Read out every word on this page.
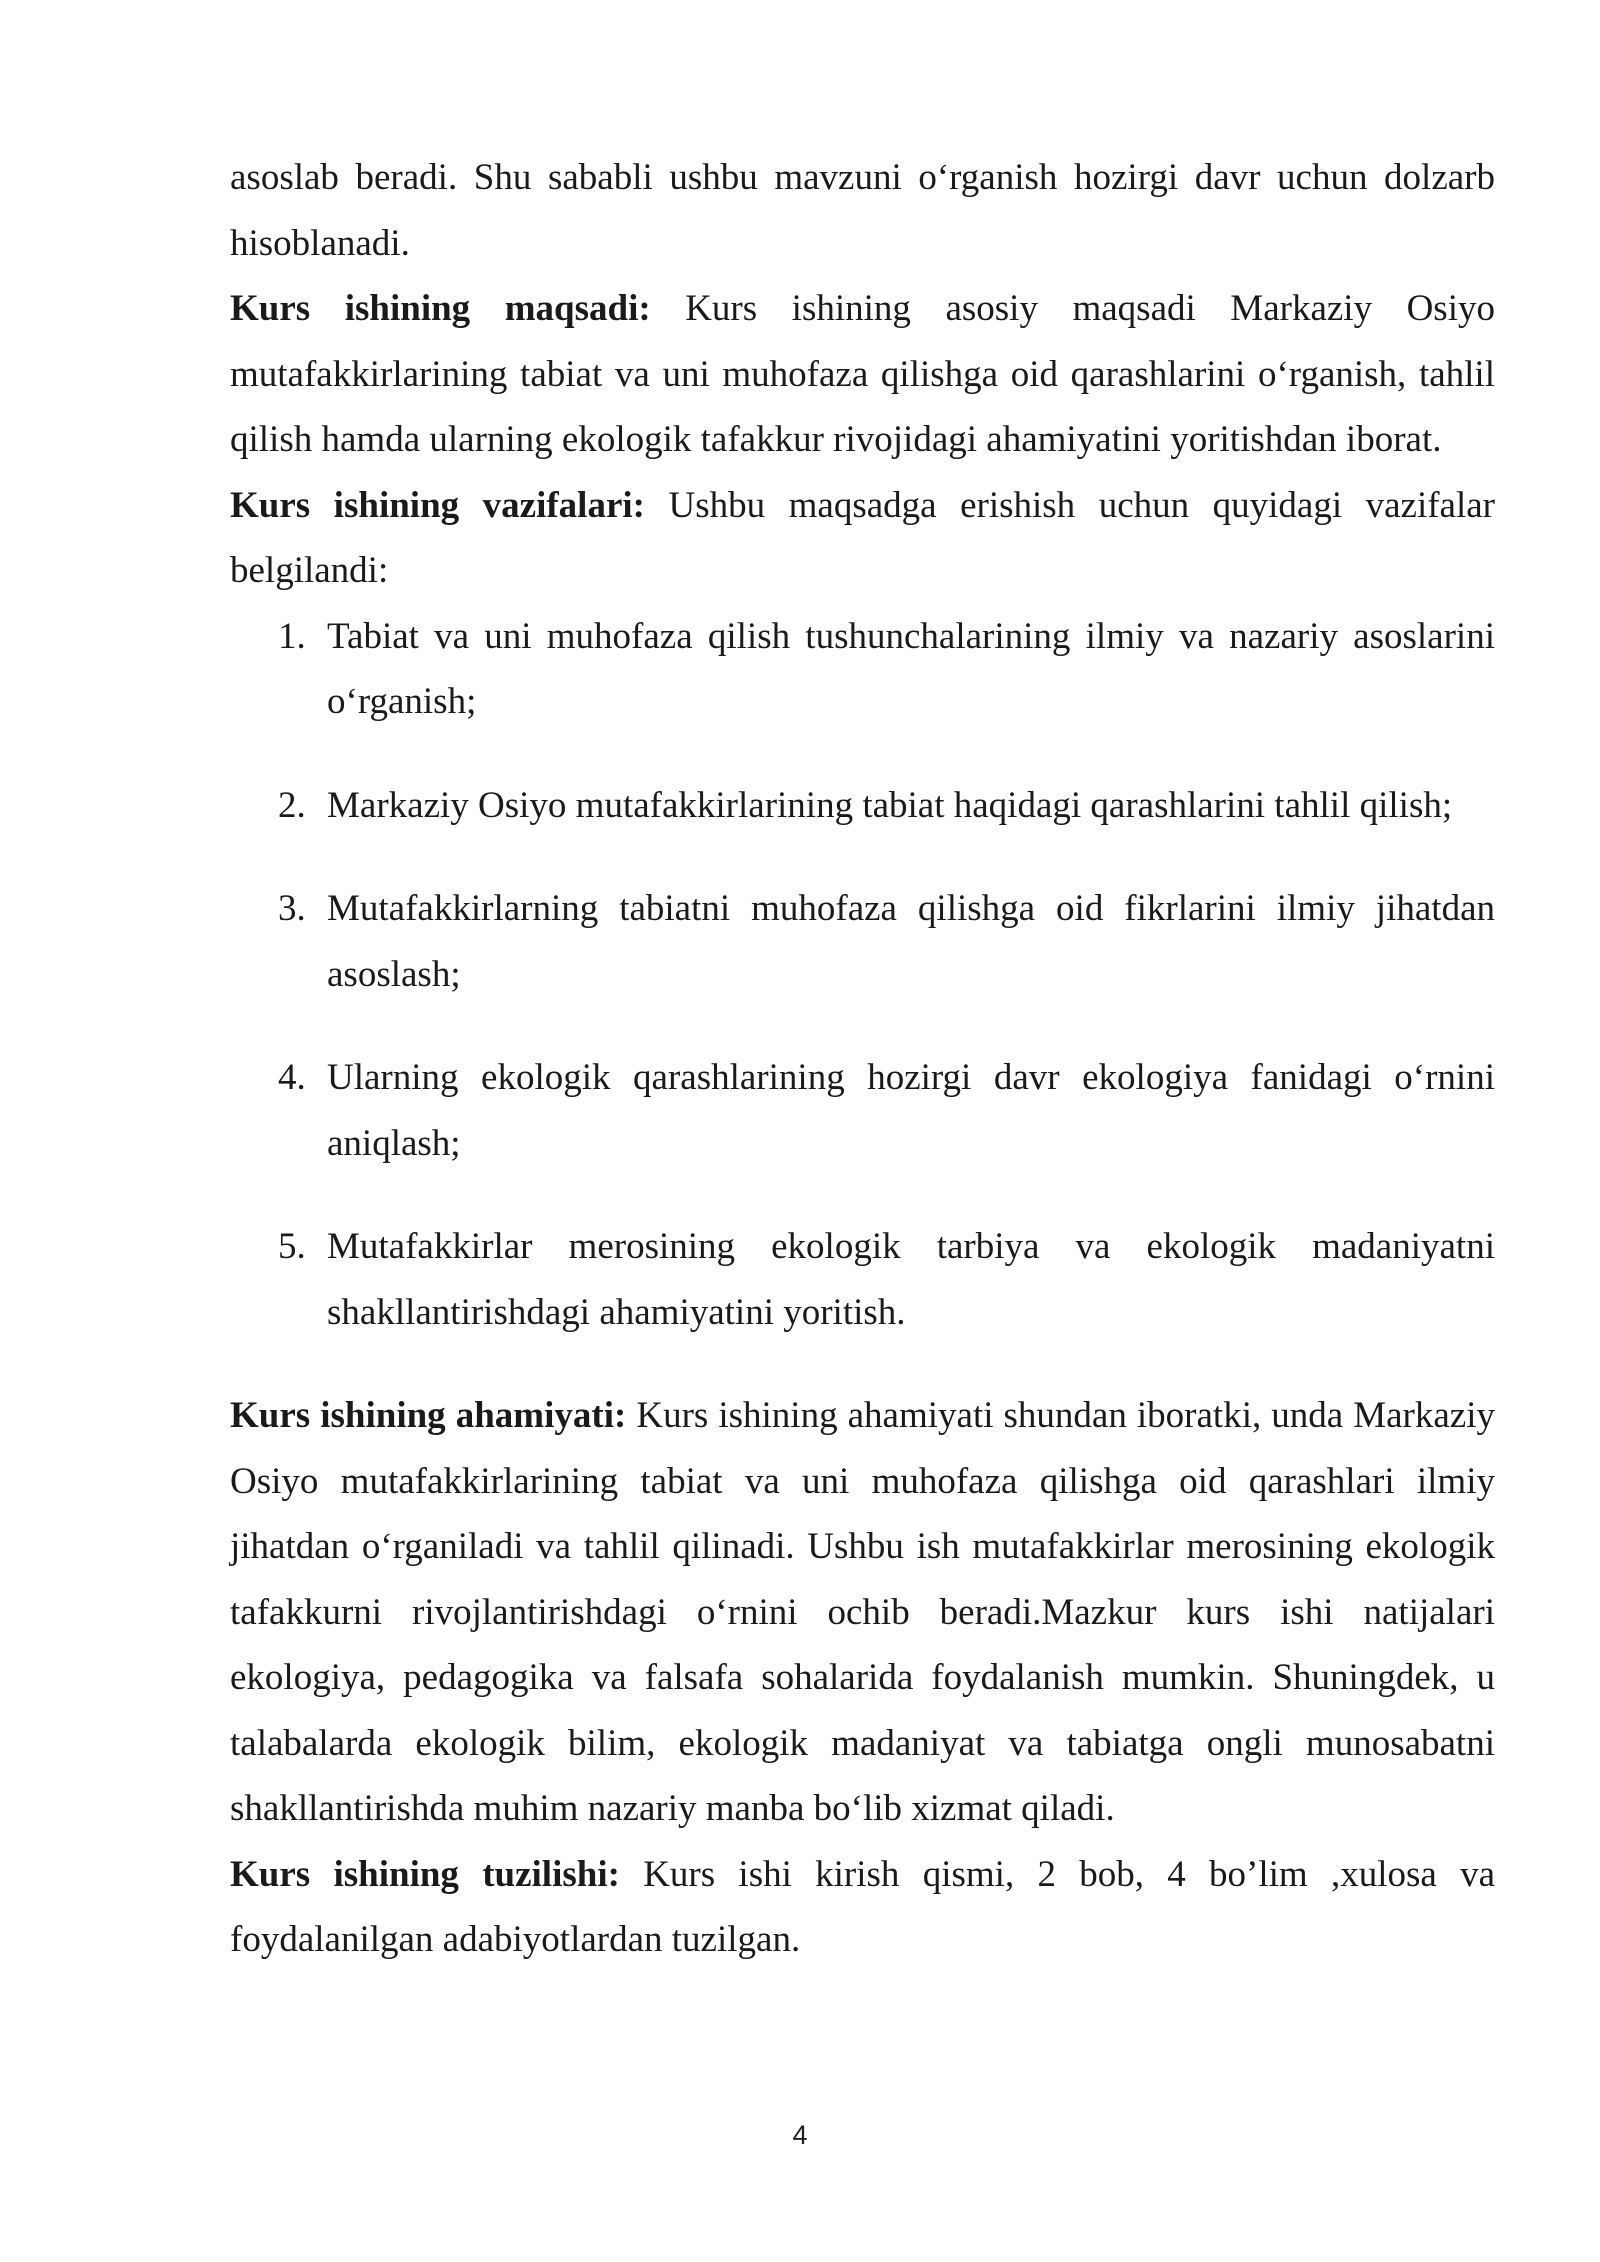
asoslab beradi. Shu sababli ushbu mavzuni o‘rganish hozirgi davr uchun dolzarb hisoblanadi.

Kurs ishining maqsadi: Kurs ishining asosiy maqsadi Markaziy Osiyo mutafakkirlarining tabiat va uni muhofaza qilishga oid qarashlarini o‘rganish, tahlil qilish hamda ularning ekologik tafakkur rivojidagi ahamiyatini yoritishdan iborat.

Kurs ishining vazifalari: Ushbu maqsadga erishish uchun quyidagi vazifalar belgilandi:

1. Tabiat va uni muhofaza qilish tushunchalarining ilmiy va nazariy asoslarini o‘rganish;
2. Markaziy Osiyo mutafakkirlarining tabiat haqidagi qarashlarini tahlil qilish;
3. Mutafakkirlarning tabiatni muhofaza qilishga oid fikrlarini ilmiy jihatdan asoslash;
4. Ularning ekologik qarashlarining hozirgi davr ekologiya fanidagi o‘rnini aniqlash;
5. Mutafakkirlar merosining ekologik tarbiya va ekologik madaniyatni shakllantirishdagi ahamiyatini yoritish.

Kurs ishining ahamiyati: Kurs ishining ahamiyati shundan iboratki, unda Markaziy Osiyo mutafakkirlarining tabiat va uni muhofaza qilishga oid qarashlari ilmiy jihatdan o‘rganiladi va tahlil qilinadi. Ushbu ish mutafakkirlar merosining ekologik tafakkurni rivojlantirishdagi o‘rnini ochib beradi.Mazkur kurs ishi natijalari ekologiya, pedagogika va falsafa sohalarida foydalanish mumkin. Shuningdek, u talabalarda ekologik bilim, ekologik madaniyat va tabiatga ongli munosabatni shakllantirishda muhim nazariy manba bo‘lib xizmat qiladi.

Kurs ishining tuzilishi: Kurs ishi kirish qismi, 2 bob, 4 bo’lim ,xulosa va foydalanilgan adabiyotlardan tuzilgan.

4
